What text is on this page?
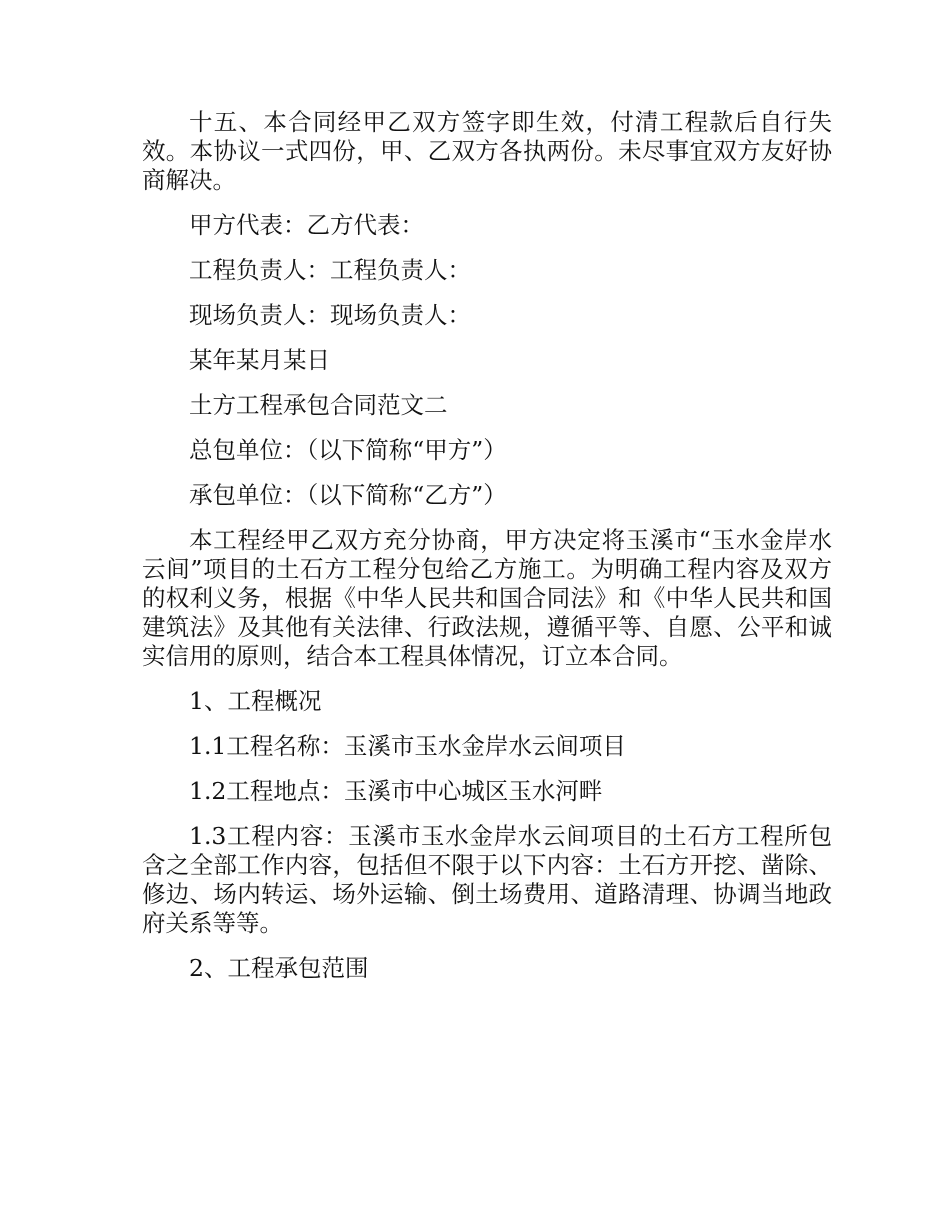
十五、本合同经甲乙双方签字即生效，付清工程款后自行失效。本协议一式四份，甲、乙双方各执两份。未尽事宜双方友好协商解决。

甲方代表：乙方代表：

工程负责人：工程负责人：

现场负责人：现场负责人：

某年某月某日

土方工程承包合同范文二

总包单位：（以下简称“甲方”）

承包单位：（以下简称“乙方”）

本工程经甲乙双方充分协商，甲方决定将玉溪市“玉水金岸水云间”项目的土石方工程分包给乙方施工。为明确工程内容及双方的权利义务，根据《中华人民共和国合同法》和《中华人民共和国建筑法》及其他有关法律、行政法规，遵循平等、自愿、公平和诚实信用的原则，结合本工程具体情况，订立本合同。

1、工程概况

1.1工程名称：玉溪市玉水金岸水云间项目

1.2工程地点：玉溪市中心城区玉水河畔

1.3工程内容：玉溪市玉水金岸水云间项目的土石方工程所包含之全部工作内容，包括但不限于以下内容：土石方开挖、凿除、修边、场内转运、场外运输、倒土场费用、道路清理、协调当地政府关系等等。

2、工程承包范围
